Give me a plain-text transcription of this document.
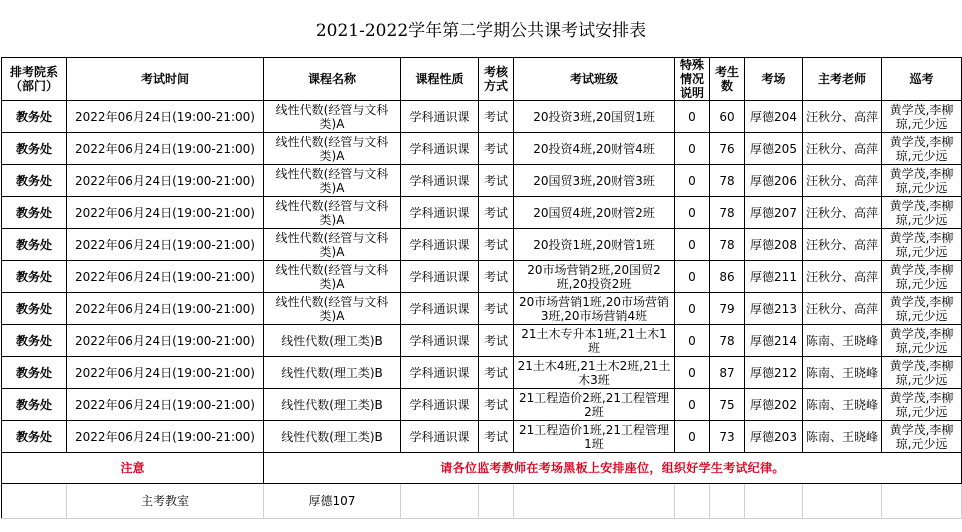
2021-2022学年第二学期公共课考试安排表
排考院系（部门）	考试时间	课程名称	课程性质	考核方式	考试班级	特殊情况说明	考生数	考场	主考老师	巡考
教务处	2022年06月24日(19:00-21:00)	线性代数(经管与文科类)A	学科通识课	考试	20投资3班,20国贸1班	0	60	厚德204	汪秋分、高萍	黄学茂,李柳琼,元少远
教务处	2022年06月24日(19:00-21:00)	线性代数(经管与文科类)A	学科通识课	考试	20投资4班,20财管4班	0	76	厚德205	汪秋分、高萍	黄学茂,李柳琼,元少远
教务处	2022年06月24日(19:00-21:00)	线性代数(经管与文科类)A	学科通识课	考试	20国贸3班,20财管3班	0	78	厚德206	汪秋分、高萍	黄学茂,李柳琼,元少远
教务处	2022年06月24日(19:00-21:00)	线性代数(经管与文科类)A	学科通识课	考试	20国贸4班,20财管2班	0	78	厚德207	汪秋分、高萍	黄学茂,李柳琼,元少远
教务处	2022年06月24日(19:00-21:00)	线性代数(经管与文科类)A	学科通识课	考试	20投资1班,20财管1班	0	78	厚德208	汪秋分、高萍	黄学茂,李柳琼,元少远
教务处	2022年06月24日(19:00-21:00)	线性代数(经管与文科类)A	学科通识课	考试	20市场营销2班,20国贸2班,20投资2班	0	86	厚德211	汪秋分、高萍	黄学茂,李柳琼,元少远
教务处	2022年06月24日(19:00-21:00)	线性代数(经管与文科类)A	学科通识课	考试	20市场营销1班,20市场营销3班,20市场营销4班	0	79	厚德213	汪秋分、高萍	黄学茂,李柳琼,元少远
教务处	2022年06月24日(19:00-21:00)	线性代数(理工类)B	学科通识课	考试	21土木专升本1班,21土木1班	0	78	厚德214	陈南、王晓峰	黄学茂,李柳琼,元少远
教务处	2022年06月24日(19:00-21:00)	线性代数(理工类)B	学科通识课	考试	21土木4班,21土木2班,21土木3班	0	87	厚德212	陈南、王晓峰	黄学茂,李柳琼,元少远
教务处	2022年06月24日(19:00-21:00)	线性代数(理工类)B	学科通识课	考试	21工程造价2班,21工程管理2班	0	75	厚德202	陈南、王晓峰	黄学茂,李柳琼,元少远
教务处	2022年06月24日(19:00-21:00)	线性代数(理工类)B	学科通识课	考试	21工程造价1班,21工程管理1班	0	73	厚德203	陈南、王晓峰	黄学茂,李柳琼,元少远
注意		请各位监考教师在考场黑板上安排座位，组织好学生考试纪律。								
	主考教室	厚德107								
